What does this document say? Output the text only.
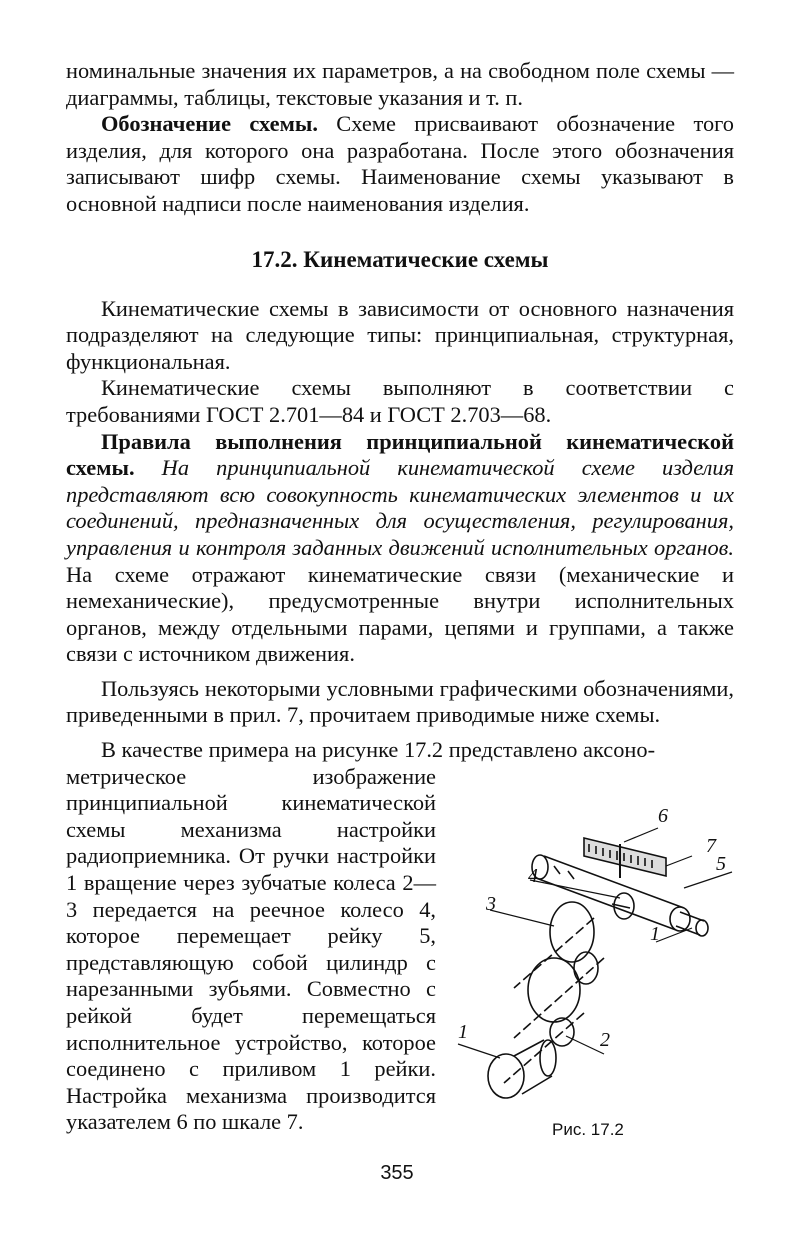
номинальные значения их параметров, а на свободном поле схемы — диаграммы, таблицы, текстовые указания и т. п.

Обозначение схемы. Схеме присваивают обозначение того изделия, для которого она разработана. После этого обозначения записывают шифр схемы. Наименование схемы указывают в основной надписи после наименования изделия.

17.2. Кинематические схемы

Кинематические схемы в зависимости от основного назначения подразделяют на следующие типы: принципиальная, структурная, функциональная.

Кинематические схемы выполняют в соответствии с требованиями ГОСТ 2.701—84 и ГОСТ 2.703—68.

Правила выполнения принципиальной кинематической схемы. На принципиальной кинематической схеме изделия представляют всю совокупность кинематических элементов и их соединений, предназначенных для осуществления, регулирования, управления и контроля заданных движений исполнительных органов. На схеме отражают кинематические связи (механические и немеханические), предусмотренные внутри исполнительных органов, между отдельными парами, цепями и группами, а также связи с источником движения.

Пользуясь некоторыми условными графическими обозначениями, приведенными в прил. 7, прочитаем приводимые ниже схемы.

В качестве примера на рисунке 17.2 представлено аксоно-

метрическое изображение принципиальной кинематической схемы механизма настройки радиоприемника. От ручки настройки 1 вращение через зубчатые колеса 2—3 передается на реечное колесо 4, которое перемещает рейку 5, представляющую собой цилиндр с нарезанными зубьями. Совместно с рейкой будет перемещаться исполнительное устройство, которое соединено с приливом 1 рейки. Настройка механизма производится указателем 6 по шкале 7.

6
7
5
4
3
1
2
1
Рис. 17.2
355
